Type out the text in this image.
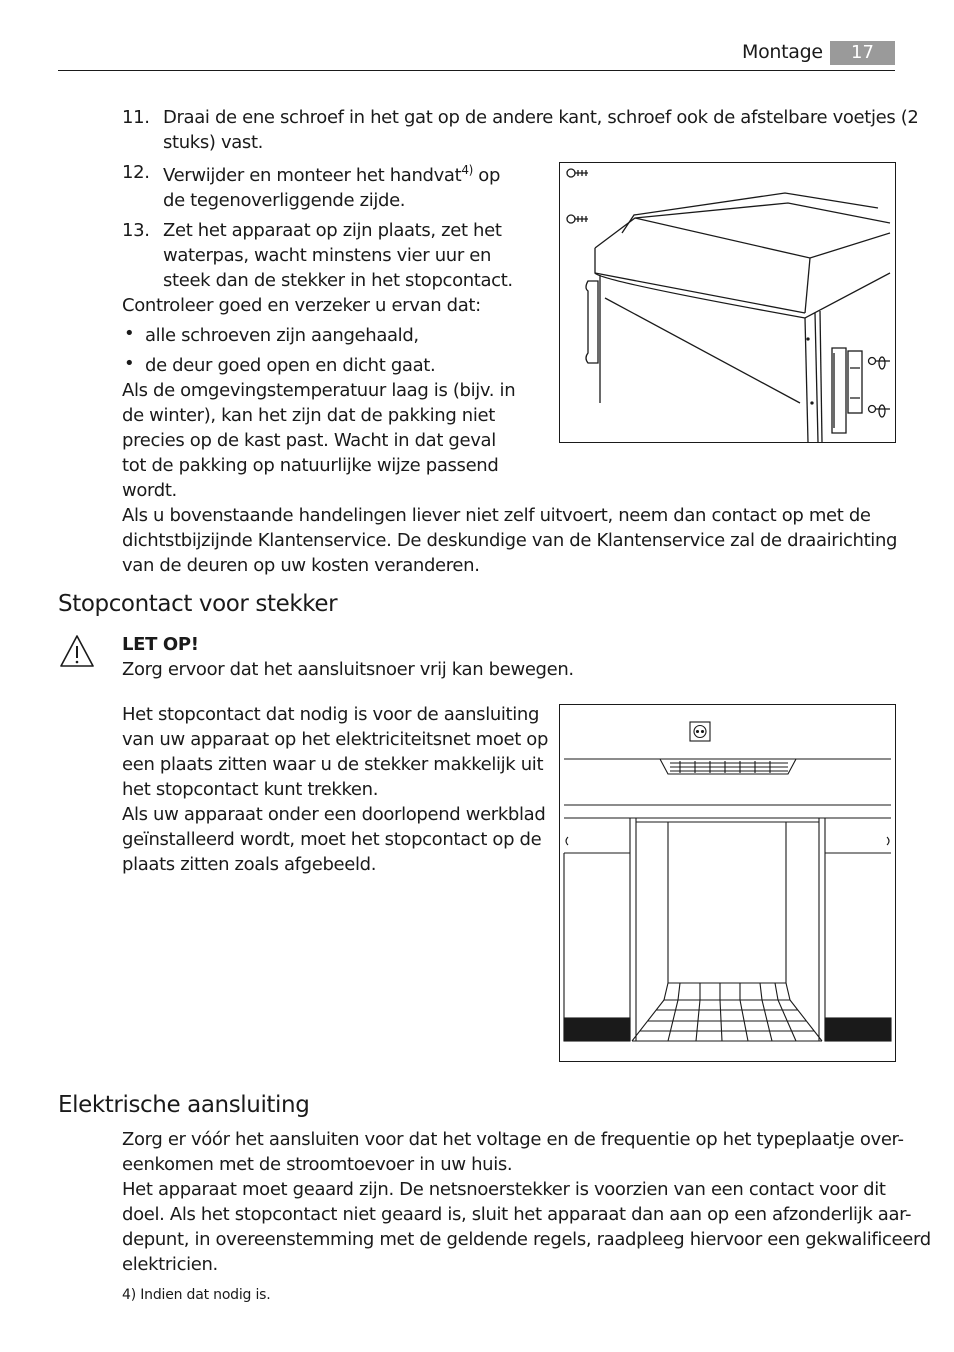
Montage	17
11. Draai de ene schroef in het gat op de andere kant, schroef ook de afstelbare voetjes (2
stuks) vast.
12. Verwijder en monteer het handvat$^{4)}$ op
de tegenoverliggende zijde.
13. Zet het apparaat op zijn plaats, zet het
waterpas, wacht minstens vier uur en
steek dan de stekker in het stopcontact.
Controleer goed en verzeker u ervan dat:
• alle schroeven zijn aangehaald,
• de deur goed open en dicht gaat.
Als de omgevingstemperatuur laag is (bijv. in
de winter), kan het zijn dat de pakking niet
precies op de kast past. Wacht in dat geval
tot de pakking op natuurlijke wijze passend
wordt.
Als u bovenstaande handelingen liever niet zelf uitvoert, neem dan contact op met de
dichtstbijzijnde Klantenservice. De deskundige van de Klantenservice zal de draairichting
van de deuren op uw kosten veranderen.
Stopcontact voor stekker
LET OP!
Zorg ervoor dat het aansluitsnoer vrij kan bewegen.
Het stopcontact dat nodig is voor de aansluiting
van uw apparaat op het elektriciteitsnet moet op
een plaats zitten waar u de stekker makkelijk uit
het stopcontact kunt trekken.
Als uw apparaat onder een doorlopend werkblad
geïnstalleerd wordt, moet het stopcontact op de
plaats zitten zoals afgebeeld.
Elektrische aansluiting
Zorg er vóór het aansluiten voor dat het voltage en de frequentie op het typeplaatje over-
eenkomen met de stroomtoevoer in uw huis.
Het apparaat moet geaard zijn. De netsnoerstekker is voorzien van een contact voor dit
doel. Als het stopcontact niet geaard is, sluit het apparaat dan aan op een afzonderlijk aar-
depunt, in overeenstemming met de geldende regels, raadpleeg hiervoor een gekwalificeerd
elektricien.
4) Indien dat nodig is.
